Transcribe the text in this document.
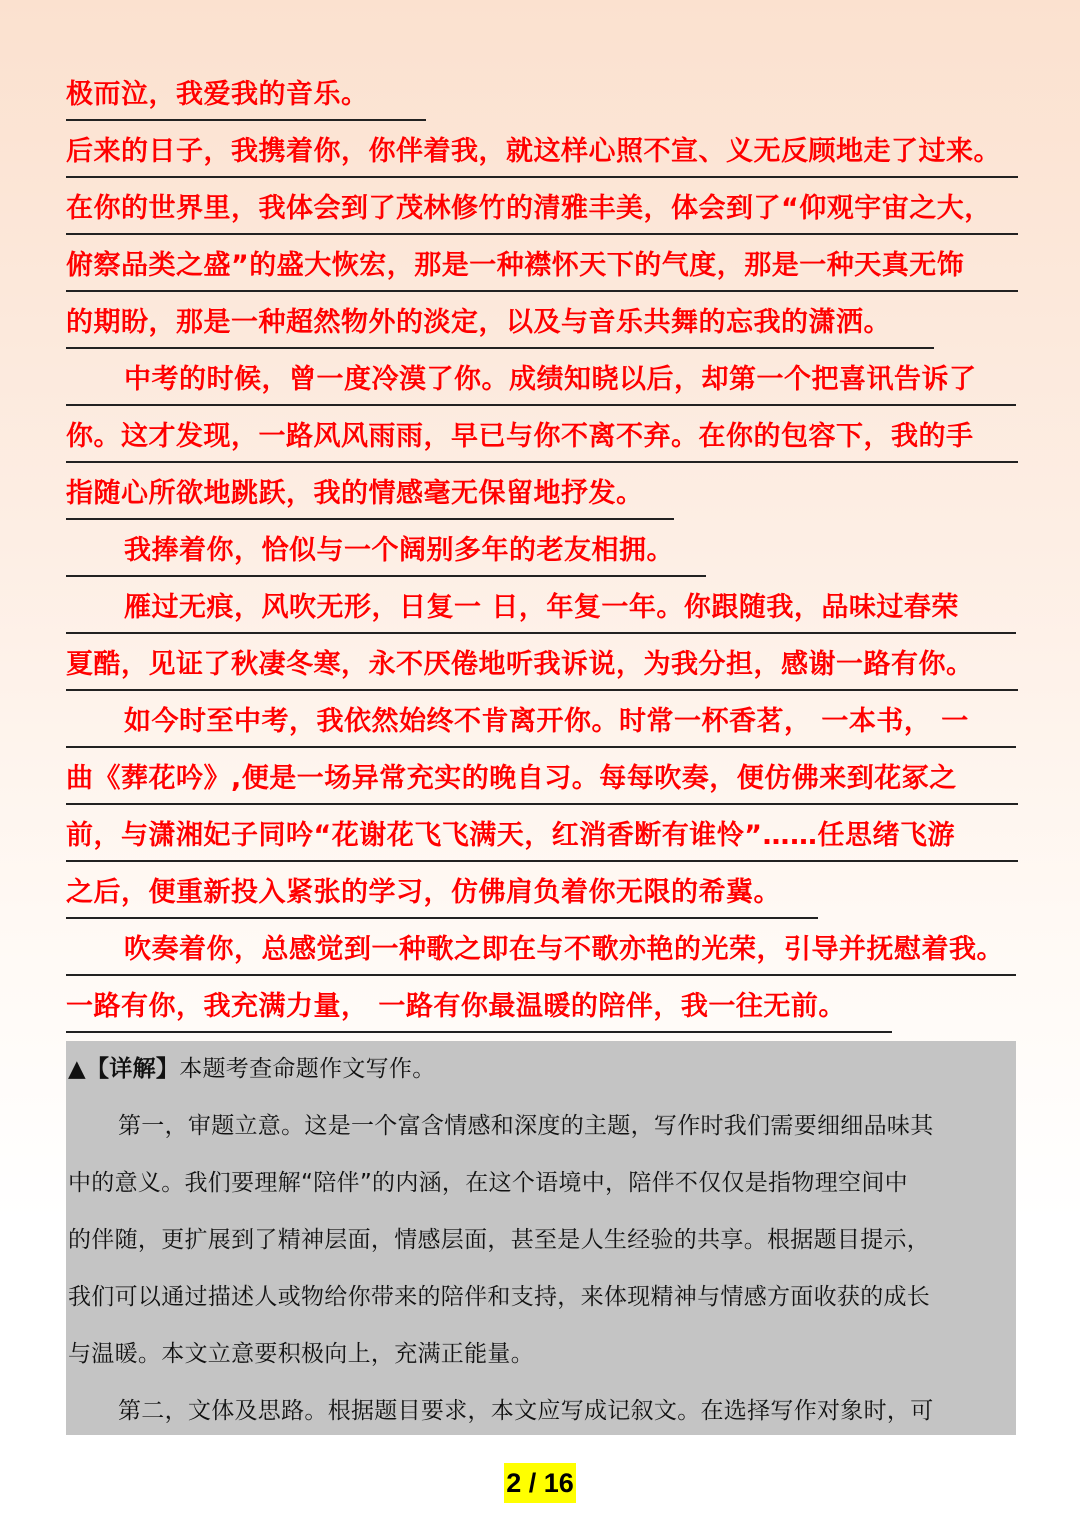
极而泣，我爱我的音乐。
后来的日子，我携着你，你伴着我，就这样心照不宣、义无反顾地走了过来。
在你的世界里，我体会到了茂林修竹的清雅丰美，体会到了“仰观宇宙之大，
俯察品类之盛”的盛大恢宏，那是一种襟怀天下的气度，那是一种天真无饰
的期盼，那是一种超然物外的淡定，以及与音乐共舞的忘我的潇洒。
中考的时候，曾一度冷漠了你。成绩知晓以后，却第一个把喜讯告诉了
你。这才发现，一路风风雨雨，早已与你不离不弃。在你的包容下，我的手
指随心所欲地跳跃，我的情感毫无保留地抒发。
我捧着你，恰似与一个阔别多年的老友相拥。
雁过无痕，风吹无形，日复一 日，年复一年。你跟随我，品味过春荣
夏酷，见证了秋凄冬寒，永不厌倦地听我诉说，为我分担，感谢一路有你。
如今时至中考，我依然始终不肯离开你。时常一杯香茗， 一本书， 一
曲《葬花吟》,便是一场异常充实的晚自习。每每吹奏，便仿佛来到花冢之
前，与潇湘妃子同吟“花谢花飞飞满天，红消香断有谁怜”……任思绪飞游
之后，便重新投入紧张的学习，仿佛肩负着你无限的希冀。
吹奏着你，总感觉到一种歌之即在与不歌亦艳的光荣，引导并抚慰着我。
一路有你，我充满力量， 一路有你最温暖的陪伴，我一往无前。
▲【详解】本题考查命题作文写作。
第一，审题立意。这是一个富含情感和深度的主题，写作时我们需要细细品味其
中的意义。我们要理解“陪伴”的内涵，在这个语境中，陪伴不仅仅是指物理空间中
的伴随，更扩展到了精神层面，情感层面，甚至是人生经验的共享。根据题目提示，
我们可以通过描述人或物给你带来的陪伴和支持，来体现精神与情感方面收获的成长
与温暖。本文立意要积极向上，充满正能量。
第二，文体及思路。根据题目要求，本文应写成记叙文。在选择写作对象时，可
2 / 16
